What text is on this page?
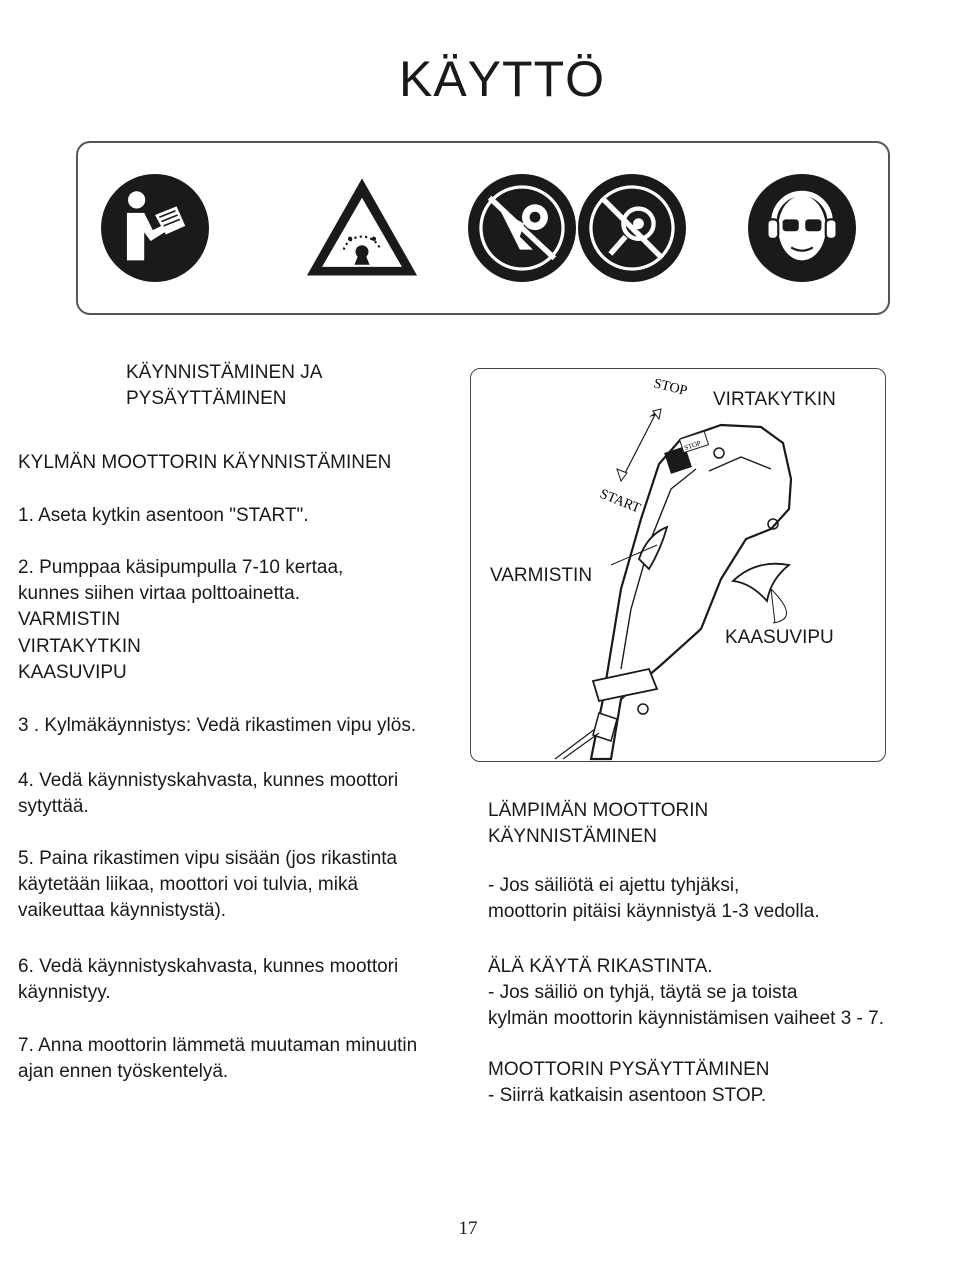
KÄYTTÖ
KÄYNNISTÄMINEN JA
PYSÄYTTÄMINEN
KYLMÄN MOOTTORIN KÄYNNISTÄMINEN
1. Aseta kytkin asentoon "START".
2. Pumppaa käsipumpulla 7-10 kertaa,
kunnes siihen virtaa polttoainetta.
VARMISTIN
VIRTAKYTKIN
KAASUVIPU
3 . Kylmäkäynnistys: Vedä rikastimen vipu ylös.
4. Vedä käynnistyskahvasta, kunnes moottori
sytyttää.
5. Paina rikastimen vipu sisään (jos rikastinta
käytetään liikaa, moottori voi tulvia, mikä
vaikeuttaa käynnistystä).
6. Vedä käynnistyskahvasta, kunnes moottori
käynnistyy.
7. Anna moottorin lämmetä muutaman minuutin
ajan ennen työskentelyä.
STOP
STOP
START
VIRTAKYTKIN
VARMISTIN
KAASUVIPU
LÄMPIMÄN MOOTTORIN
KÄYNNISTÄMINEN
- Jos säiliötä ei ajettu tyhjäksi,
moottorin pitäisi käynnistyä 1-3 vedolla.
ÄLÄ KÄYTÄ RIKASTINTA.
- Jos säiliö on tyhjä, täytä se ja toista
kylmän moottorin käynnistämisen vaiheet 3 - 7.
MOOTTORIN PYSÄYTTÄMINEN
- Siirrä katkaisin asentoon STOP.
17
